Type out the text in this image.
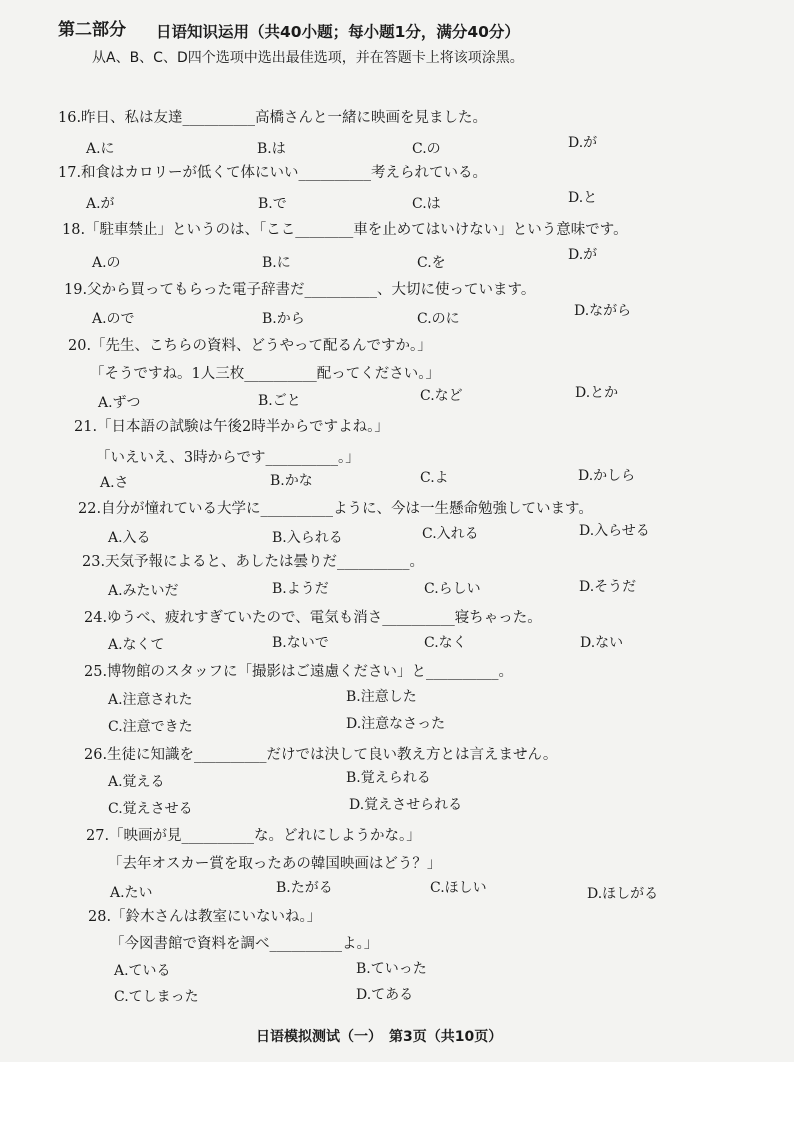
第二部分 日语知识运用（共40小题；每小题1分，满分40分）
从A、B、C、D四个选项中选出最佳选项，并在答题卡上将该项涂黑。
16.昨日、私は友達__________高橋さんと一緒に映画を見ました。
A.に	B.は	C.の	D.が
17.和食はカロリーが低くて体にいい__________考えられている。
A.が	B.で	C.は	D.と
18.「駐車禁止」というのは、「ここ________車を止めてはいけない」という意味です。
A.の	B.に	C.を	D.が
19.父から買ってもらった電子辞書だ__________、大切に使っています。
A.ので	B.から	C.のに	D.ながら
20.「先生、こちらの資料、どうやって配るんですか。」
「そうですね。1人三枚__________配ってください。」
A.ずつ	B.ごと	C.など	D.とか
21.「日本語の試験は午後2時半からですよね。」
「いえいえ、3時からです__________。」
A.さ	B.かな	C.よ	D.かしら
22.自分が憧れている大学に__________ように、今は一生懸命勉強しています。
A.入る	B.入られる	C.入れる	D.入らせる
23.天気予報によると、あしたは曇りだ__________。
A.みたいだ	B.ようだ	C.らしい	D.そうだ
24.ゆうべ、疲れすぎていたので、電気も消さ__________寝ちゃった。
A.なくて	B.ないで	C.なく	D.ない
25.博物館のスタッフに「撮影はご遠慮ください」と__________。
A.注意された	B.注意した
C.注意できた	D.注意なさった
26.生徒に知識を__________だけでは決して良い教え方とは言えません。
A.覚える	B.覚えられる
C.覚えさせる	D.覚えさせられる
27.「映画が見__________な。どれにしようかな。」
「去年オスカー賞を取ったあの韓国映画はどう？」
A.たい	B.たがる	C.ほしい	D.ほしがる
28.「鈴木さんは教室にいないね。」
「今図書館で資料を調べ__________よ。」
A.ている	B.ていった
C.てしまった	D.てある
日语模拟测试（一）　第3页（共10页）
